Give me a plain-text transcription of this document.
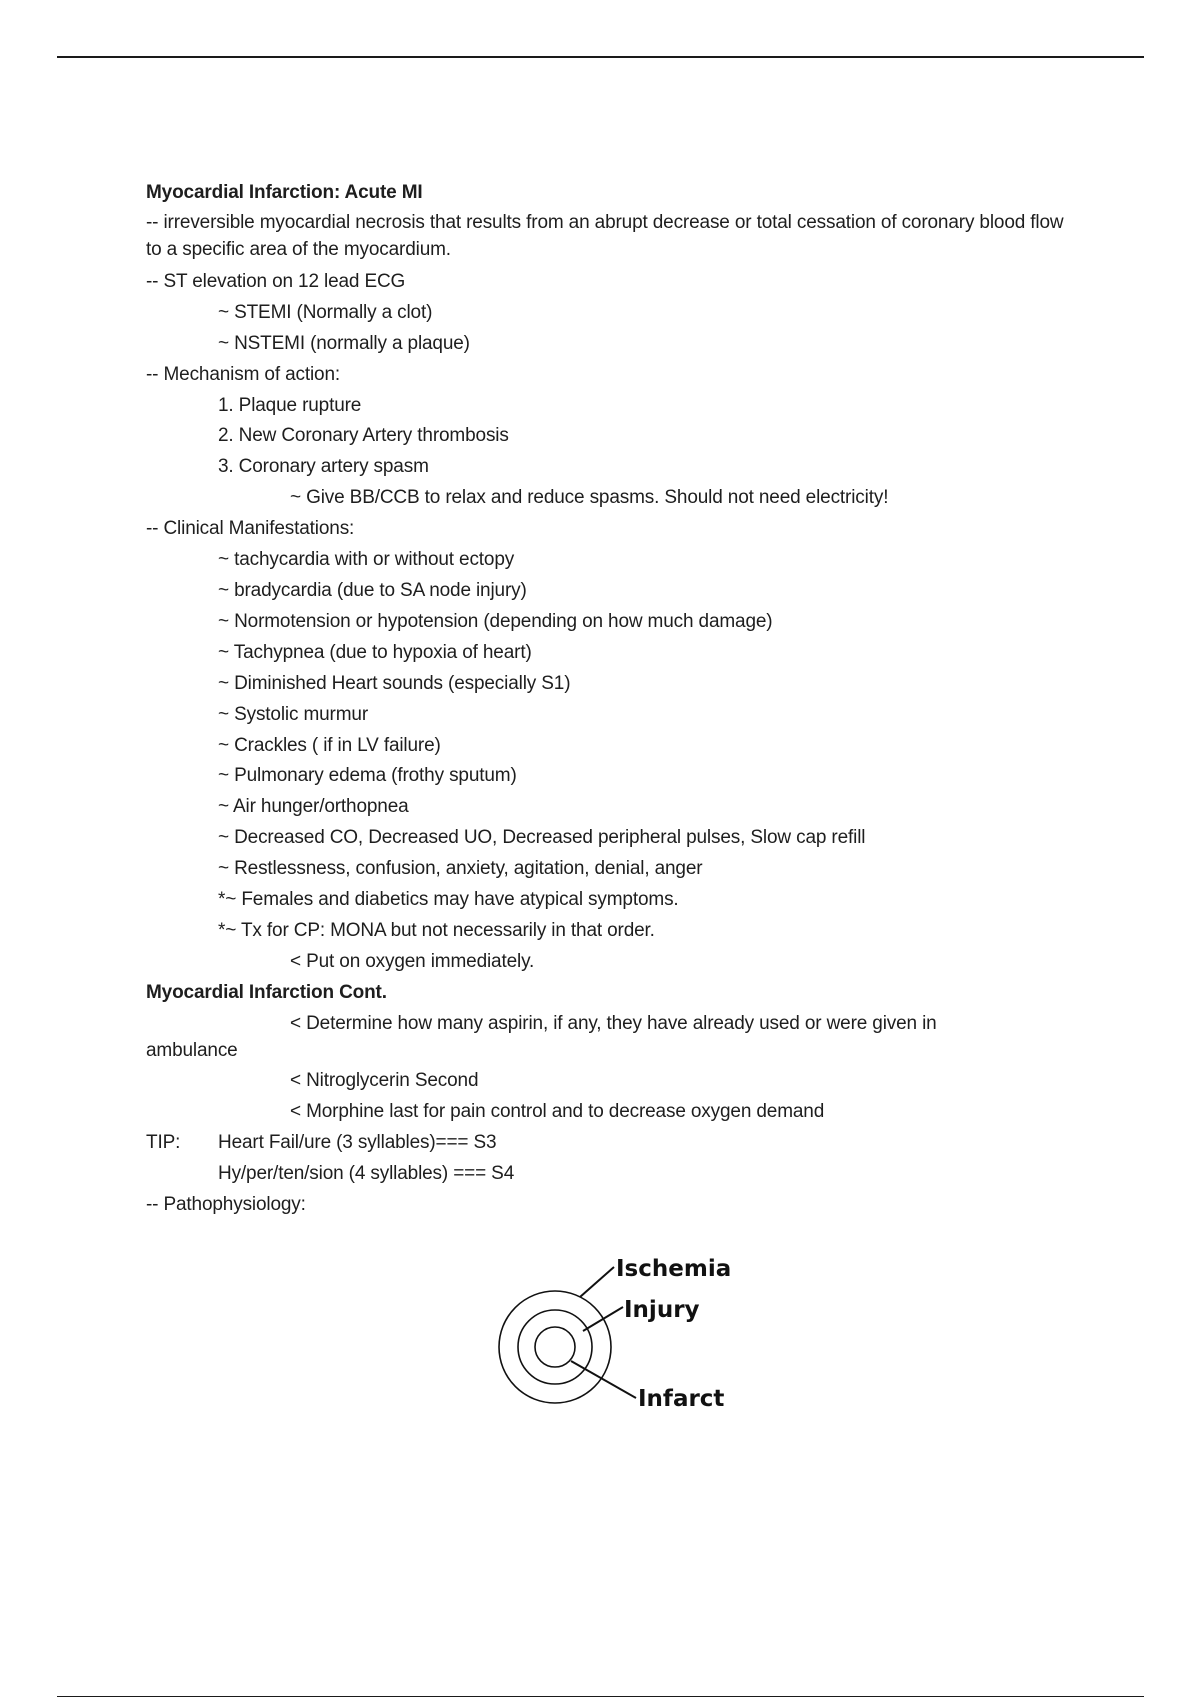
Myocardial Infarction: Acute MI
-- irreversible myocardial necrosis that results from an abrupt decrease or total cessation of coronary blood flow to a specific area of the myocardium.
-- ST elevation on 12 lead ECG
~ STEMI (Normally a clot)
~ NSTEMI (normally a plaque)
-- Mechanism of action:
1. Plaque rupture
2. New Coronary Artery thrombosis
3. Coronary artery spasm
~ Give BB/CCB to relax and reduce spasms. Should not need electricity!
-- Clinical Manifestations:
~ tachycardia with or without ectopy
~ bradycardia (due to SA node injury)
~ Normotension or hypotension (depending on how much damage)
~ Tachypnea (due to hypoxia of heart)
~ Diminished Heart sounds (especially S1)
~ Systolic murmur
~ Crackles ( if in LV failure)
~ Pulmonary edema (frothy sputum)
~ Air hunger/orthopnea
~ Decreased CO, Decreased UO, Decreased peripheral pulses, Slow cap refill
~ Restlessness, confusion, anxiety, agitation, denial, anger
*~ Females and diabetics may have atypical symptoms.
*~ Tx for CP: MONA but not necessarily in that order.
< Put on oxygen immediately.
Myocardial Infarction Cont.
< Determine how many aspirin, if any, they have already used or were given in
ambulance
< Nitroglycerin Second
< Morphine last for pain control and to decrease oxygen demand
TIP: Heart Fail/ure (3 syllables)=== S3
Hy/per/ten/sion (4 syllables) === S4
-- Pathophysiology:
Ischemia
Injury
Infarct
